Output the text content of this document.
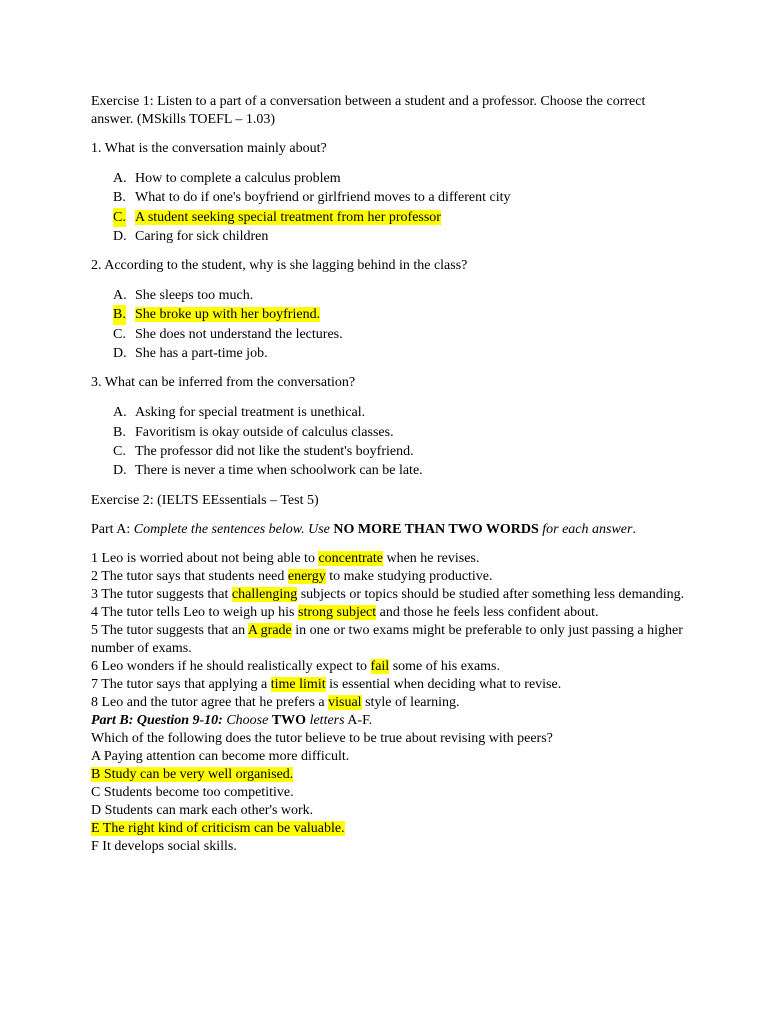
Exercise 1: Listen to a part of a conversation between a student and a professor. Choose the correct answer. (MSkills TOEFL – 1.03)

1. What is the conversation mainly about?

A. How to complete a calculus problem
B. What to do if one's boyfriend or girlfriend moves to a different city
C. A student seeking special treatment from her professor
D. Caring for sick children

2. According to the student, why is she lagging behind in the class?

A. She sleeps too much.
B. She broke up with her boyfriend.
C. She does not understand the lectures.
D. She has a part-time job.

3. What can be inferred from the conversation?

A. Asking for special treatment is unethical.
B. Favoritism is okay outside of calculus classes.
C. The professor did not like the student's boyfriend.
D. There is never a time when schoolwork can be late.

Exercise 2: (IELTS EEssentials – Test 5)

Part A: Complete the sentences below. Use NO MORE THAN TWO WORDS for each answer.

1 Leo is worried about not being able to concentrate when he revises.

2 The tutor says that students need energy to make studying productive.

3 The tutor suggests that challenging subjects or topics should be studied after something less demanding.

4 The tutor tells Leo to weigh up his strong subject and those he feels less confident about.

5 The tutor suggests that an A grade in one or two exams might be preferable to only just passing a higher number of exams.

6 Leo wonders if he should realistically expect to fail some of his exams.

7 The tutor says that applying a time limit is essential when deciding what to revise.

8 Leo and the tutor agree that he prefers a visual style of learning.

Part B: Question 9-10: Choose TWO letters A-F.

Which of the following does the tutor believe to be true about revising with peers?

A Paying attention can become more difficult.

B Study can be very well organised.

C Students become too competitive.

D Students can mark each other's work.

E The right kind of criticism can be valuable.

F It develops social skills.
